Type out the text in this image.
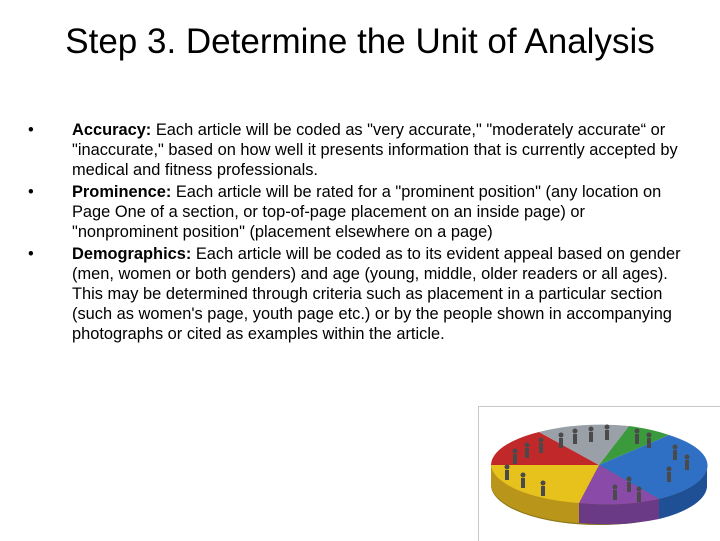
Step 3. Determine the Unit of Analysis
• Accuracy: Each article will be coded as "very accurate," "moderately accurate“ or "inaccurate," based on how well it presents information that is currently accepted by medical and fitness professionals.
• Prominence: Each article will be rated for a "prominent position" (any location on Page One of a section, or top-of-page placement on an inside page) or "nonprominent position" (placement elsewhere on a page)
• Demographics: Each article will be coded as to its evident appeal based on gender (men, women or both genders) and age (young, middle, older readers or all ages). This may be determined through criteria such as placement in a particular section (such as women's page, youth page etc.) or by the people shown in accompanying photographs or cited as examples within the article.
